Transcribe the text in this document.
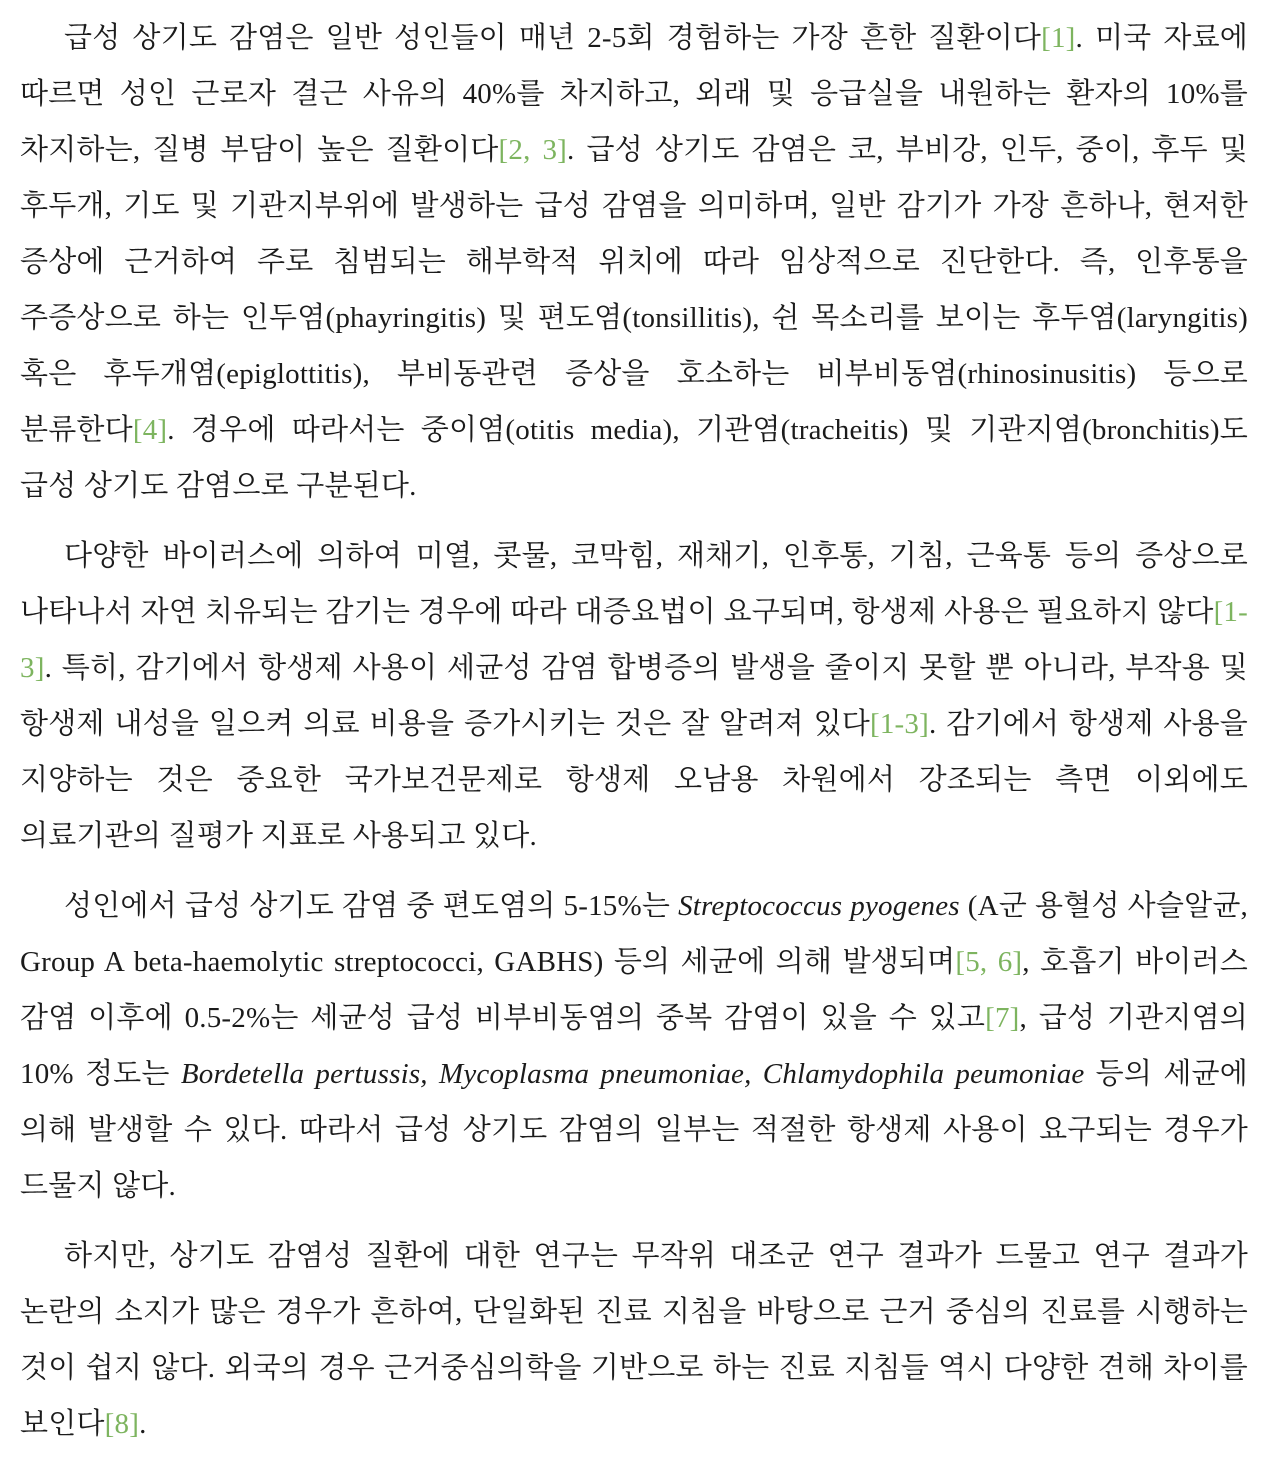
급성 상기도 감염은 일반 성인들이 매년 2-5회 경험하는 가장 흔한 질환이다[1]. 미국 자료에 따르면 성인 근로자 결근 사유의 40%를 차지하고, 외래 및 응급실을 내원하는 환자의 10%를 차지하는, 질병 부담이 높은 질환이다[2, 3]. 급성 상기도 감염은 코, 부비강, 인두, 중이, 후두 및 후두개, 기도 및 기관지부위에 발생하는 급성 감염을 의미하며, 일반 감기가 가장 흔하나, 현저한 증상에 근거하여 주로 침범되는 해부학적 위치에 따라 임상적으로 진단한다. 즉, 인후통을 주증상으로 하는 인두염(phayringitis) 및 편도염(tonsillitis), 쉰 목소리를 보이는 후두염(laryngitis) 혹은 후두개염(epiglottitis), 부비동관련 증상을 호소하는 비부비동염(rhinosinusitis) 등으로 분류한다[4]. 경우에 따라서는 중이염(otitis media), 기관염(tracheitis) 및 기관지염(bronchitis)도 급성 상기도 감염으로 구분된다.

다양한 바이러스에 의하여 미열, 콧물, 코막힘, 재채기, 인후통, 기침, 근육통 등의 증상으로 나타나서 자연 치유되는 감기는 경우에 따라 대증요법이 요구되며, 항생제 사용은 필요하지 않다[1-3]. 특히, 감기에서 항생제 사용이 세균성 감염 합병증의 발생을 줄이지 못할 뿐 아니라, 부작용 및 항생제 내성을 일으켜 의료 비용을 증가시키는 것은 잘 알려져 있다[1-3]. 감기에서 항생제 사용을 지양하는 것은 중요한 국가보건문제로 항생제 오남용 차원에서 강조되는 측면 이외에도 의료기관의 질평가 지표로 사용되고 있다.

성인에서 급성 상기도 감염 중 편도염의 5-15%는 Streptococcus pyogenes (A군 용혈성 사슬알균, Group A beta-haemolytic streptococci, GABHS) 등의 세균에 의해 발생되며[5, 6], 호흡기 바이러스 감염 이후에 0.5-2%는 세균성 급성 비부비동염의 중복 감염이 있을 수 있고[7], 급성 기관지염의 10% 정도는 Bordetella pertussis, Mycoplasma pneumoniae, Chlamydophila peumoniae 등의 세균에 의해 발생할 수 있다. 따라서 급성 상기도 감염의 일부는 적절한 항생제 사용이 요구되는 경우가 드물지 않다.

하지만, 상기도 감염성 질환에 대한 연구는 무작위 대조군 연구 결과가 드물고 연구 결과가 논란의 소지가 많은 경우가 흔하여, 단일화된 진료 지침을 바탕으로 근거 중심의 진료를 시행하는 것이 쉽지 않다. 외국의 경우 근거중심의학을 기반으로 하는 진료 지침들 역시 다양한 견해 차이를 보인다[8].
